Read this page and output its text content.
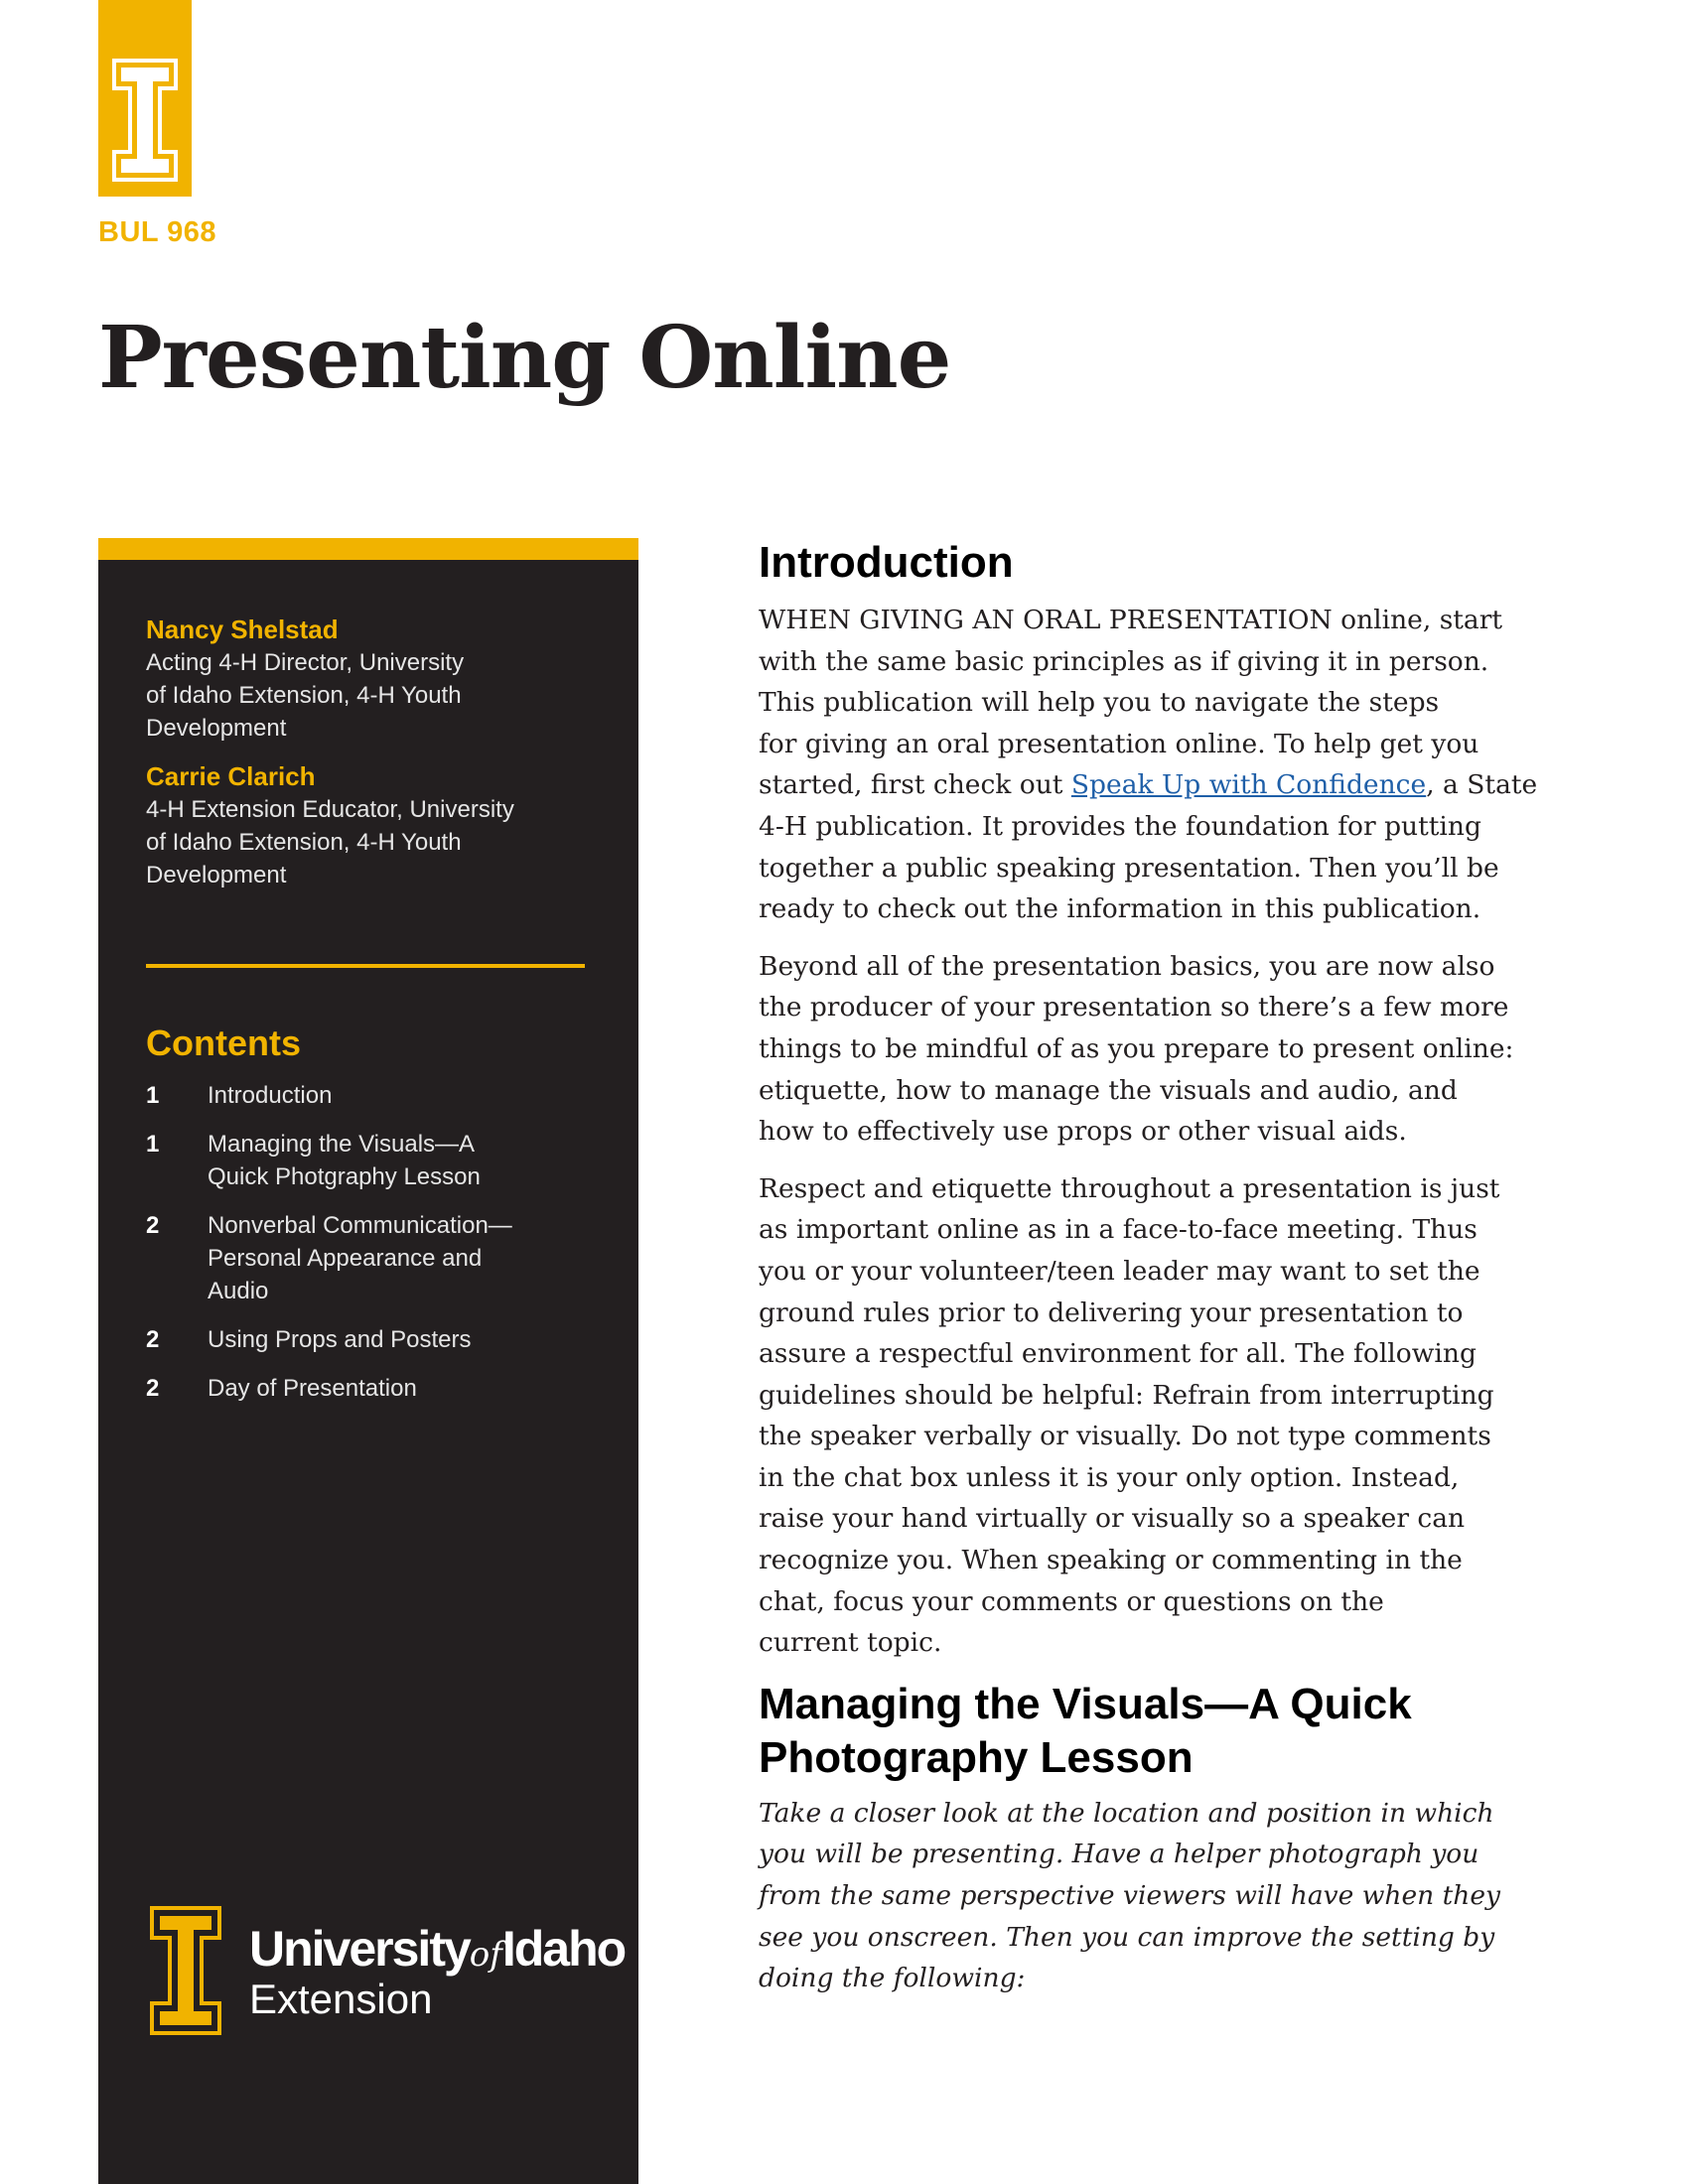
BUL 968
Presenting Online
Nancy Shelstad
Acting 4-H Director, University
of Idaho Extension, 4-H Youth
Development
Carrie Clarich
4-H Extension Educator, University
of Idaho Extension, 4-H Youth
Development
Contents
1	Introduction
1	Managing the Visuals—A
Quick Photgraphy Lesson
2	Nonverbal Communication—
Personal Appearance and
Audio
2	Using Props and Posters
2	Day of Presentation
UniversityofIdaho
Extension
Introduction

WHEN GIVING AN ORAL PRESENTATION online, start
with the same basic principles as if giving it in person.
This publication will help you to navigate the steps
for giving an oral presentation online. To help get you
started, first check out Speak Up with Confidence, a State
4-H publication. It provides the foundation for putting
together a public speaking presentation. Then you’ll be
ready to check out the information in this publication.

Beyond all of the presentation basics, you are now also
the producer of your presentation so there’s a few more
things to be mindful of as you prepare to present online:
etiquette, how to manage the visuals and audio, and
how to effectively use props or other visual aids.

Respect and etiquette throughout a presentation is just
as important online as in a face-to-face meeting. Thus
you or your volunteer/teen leader may want to set the
ground rules prior to delivering your presentation to
assure a respectful environment for all. The following
guidelines should be helpful: Refrain from interrupting
the speaker verbally or visually. Do not type comments
in the chat box unless it is your only option. Instead,
raise your hand virtually or visually so a speaker can
recognize you. When speaking or commenting in the
chat, focus your comments or questions on the
current topic.

Managing the Visuals—A Quick
Photography Lesson

Take a closer look at the location and position in which
you will be presenting. Have a helper photograph you
from the same perspective viewers will have when they
see you onscreen. Then you can improve the setting by
doing the following:
